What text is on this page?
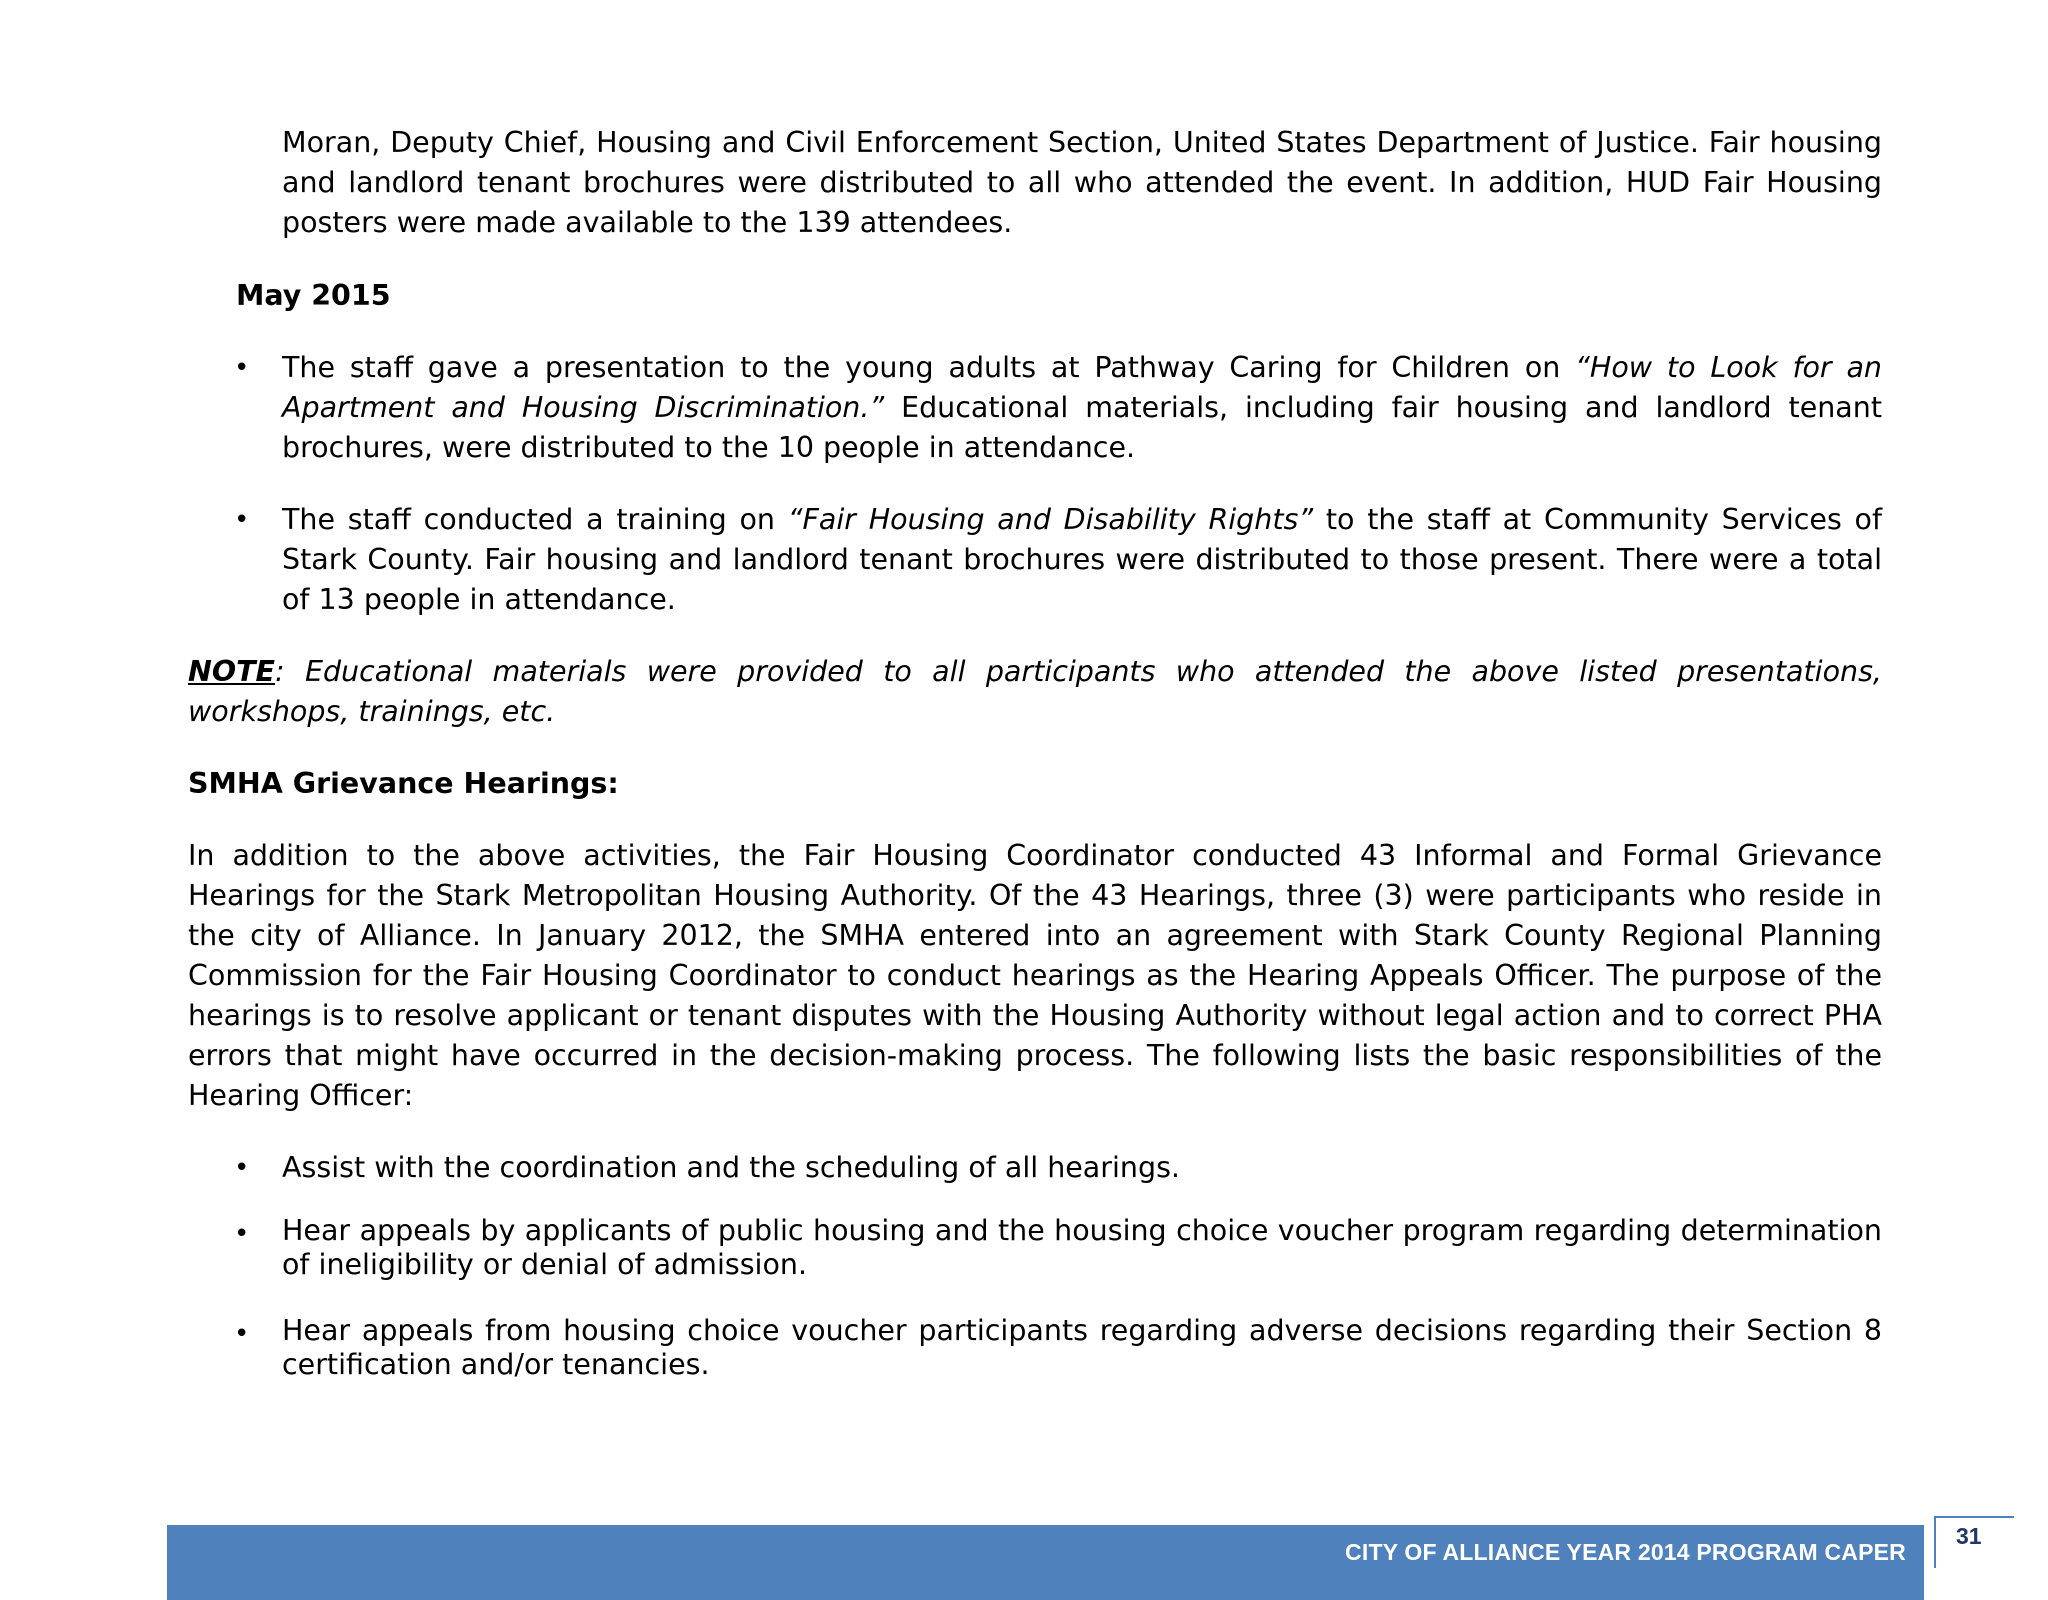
Moran, Deputy Chief, Housing and Civil Enforcement Section, United States Department of Justice. Fair housing and landlord tenant brochures were distributed to all who attended the event. In addition, HUD Fair Housing posters were made available to the 139 attendees.

May 2015
• The staff gave a presentation to the young adults at Pathway Caring for Children on “How to Look for an Apartment and Housing Discrimination.” Educational materials, including fair housing and landlord tenant brochures, were distributed to the 10 people in attendance.

• The staff conducted a training on “Fair Housing and Disability Rights” to the staff at Community Services of Stark County. Fair housing and landlord tenant brochures were distributed to those present. There were a total of 13 people in attendance.

NOTE: Educational materials were provided to all participants who attended the above listed presentations, workshops, trainings, etc.

SMHA Grievance Hearings:

In addition to the above activities, the Fair Housing Coordinator conducted 43 Informal and Formal Grievance Hearings for the Stark Metropolitan Housing Authority. Of the 43 Hearings, three (3) were participants who reside in the city of Alliance. In January 2012, the SMHA entered into an agreement with Stark County Regional Planning Commission for the Fair Housing Coordinator to conduct hearings as the Hearing Appeals Officer. The purpose of the hearings is to resolve applicant or tenant disputes with the Housing Authority without legal action and to correct PHA errors that might have occurred in the decision-making process. The following lists the basic responsibilities of the Hearing Officer:

• Assist with the coordination and the scheduling of all hearings.

• Hear appeals by applicants of public housing and the housing choice voucher program regarding determination of ineligibility or denial of admission.

• Hear appeals from housing choice voucher participants regarding adverse decisions regarding their Section 8 certification and/or tenancies.

CITY OF ALLIANCE YEAR 2014 PROGRAM CAPER
31
